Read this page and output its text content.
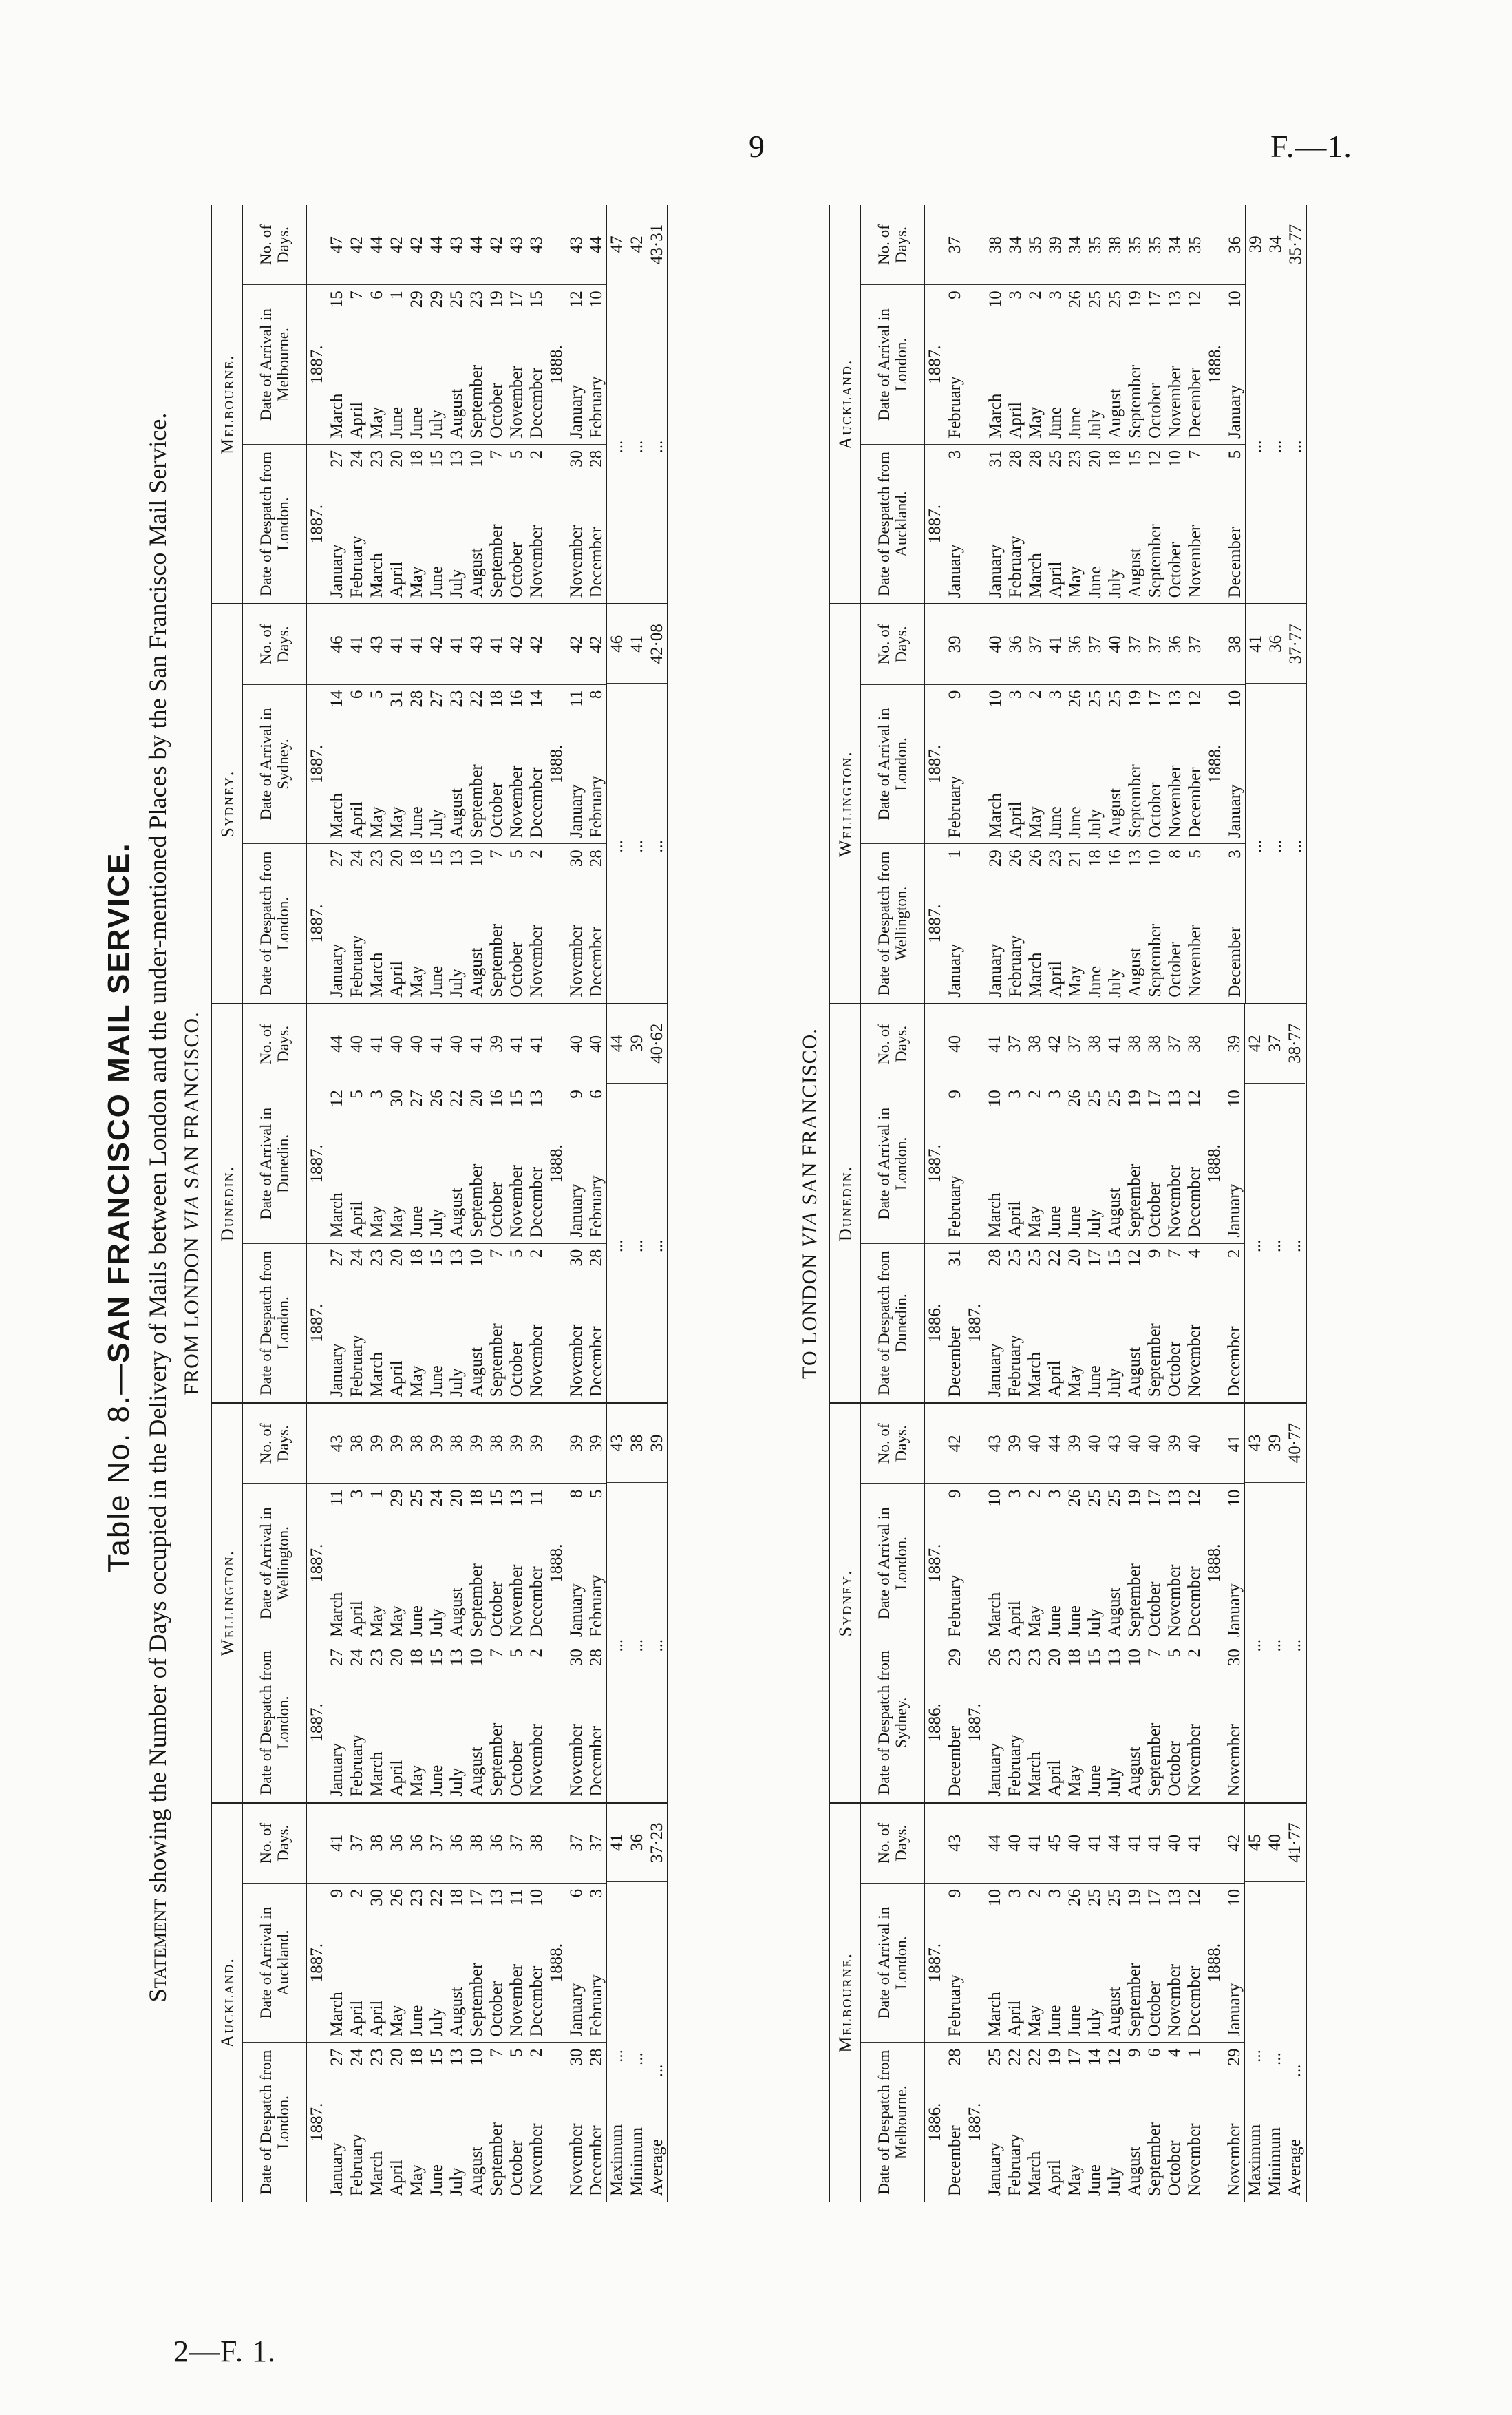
9	F.—1.
2—F. 1.
Table No. 8.—SAN FRANCISCO MAIL SERVICE.
Statement showing the Number of Days occupied in the Delivery of Mails between London and the under-mentioned Places by the San Francisco Mail Service. FROM LONDON VIA SAN FRANCISCO.
Auckland.
Date of Despatch from London.
Date of Arrival in Auckland.
No. of Days.
1887.
1887.
January
27
March
9
41
February
24
April
2
37
March
23
April
30
38
April
20
May
26
36
May
18
June
23
36
June
15
July
22
37
July
13
August
18
36
August
10
September
17
38
September
7
October
13
36
October
5
November
11
37
November
2
December
10
38
1888.
November
30
January
6
37
December
28
February
3
37
Maximum...
41
Minimum...
36
Average...
37·23
Wellington.
Date of Despatch from London.
Date of Arrival in Wellington.
No. of Days.
1887.
1887.
January
27
March
11
43
February
24
April
3
38
March
23
May
1
39
April
20
May
29
39
May
18
June
25
38
June
15
July
24
39
July
13
August
20
38
August
10
September
18
39
September
7
October
15
38
October
5
November
13
39
November
2
December
11
39
1888.
November
30
January
8
39
December
28
February
5
39
...
43
...
38
...
39
Dunedin.
Date of Despatch from London.
Date of Arrival in Dunedin.
No. of Days.
1887.
1887.
January
27
March
12
44
February
24
April
5
40
March
23
May
3
41
April
20
May
30
40
May
18
June
27
40
June
15
July
26
41
July
13
August
22
40
August
10
September
20
41
September
7
October
16
39
October
5
November
15
41
November
2
December
13
41
1888.
November
30
January
9
40
December
28
February
6
40
...
44
...
39
...
40·62
Sydney.
Date of Despatch from London.
Date of Arrival in Sydney.
No. of Days.
1887.
1887.
January
27
March
14
46
February
24
April
6
41
March
23
May
5
43
April
20
May
31
41
May
18
June
28
41
June
15
July
27
42
July
13
August
23
41
August
10
September
22
43
September
7
October
18
41
October
5
November
16
42
November
2
December
14
42
1888.
November
30
January
11
42
December
28
February
8
42
...
46
...
41
...
42·08
Melbourne.
Date of Despatch from London.
Date of Arrival in Melbourne.
No. of Days.
1887.
1887.
January
27
March
15
47
February
24
April
7
42
March
23
May
6
44
April
20
June
1
42
May
18
June
29
42
June
15
July
29
44
July
13
August
25
43
August
10
September
23
44
September
7
October
19
42
October
5
November
17
43
November
2
December
15
43
1888.
November
30
January
12
43
December
28
February
10
44
...
47
...
42
...
43·31
TO LONDON VIA SAN FRANCISCO.
Melbourne.
Date of Despatch from Melbourne.
Date of Arrival in London.
No. of Days.
1886.
1887.
December
28
February
9
43
1887.
January
25
March
10
44
February
22
April
3
40
March
22
May
2
41
April
19
June
3
45
May
17
June
26
40
June
14
July
25
41
July
12
August
25
44
August
9
September
19
41
September
6
October
17
41
October
4
November
13
40
November
1
December
12
41
1888.
November
29
January
10
42
Maximum...
45
Minimum...
40
Average...
41·77
Sydney.
Date of Despatch from Sydney.
Date of Arrival in London.
No. of Days.
1886.
1887.
December
29
February
9
42
1887.
January
26
March
10
43
February
23
April
3
39
March
23
May
2
40
April
20
June
3
44
May
18
June
26
39
June
15
July
25
40
July
13
August
25
43
August
10
September
19
40
September
7
October
17
40
October
5
November
13
39
November
2
December
12
40
1888.
November
30
January
10
41
...
43
...
39
...
40·77
Dunedin.
Date of Despatch from Dunedin.
Date of Arrival in London.
No. of Days.
1886.
1887.
December
31
February
9
40
1887.
January
28
March
10
41
February
25
April
3
37
March
25
May
2
38
April
22
June
3
42
May
20
June
26
37
June
17
July
25
38
July
15
August
25
41
August
12
September
19
38
September
9
October
17
38
October
7
November
13
37
November
4
December
12
38
1888.
December
2
January
10
39
...
42
...
37
...
38·77
Wellington.
Date of Despatch from Wellington.
Date of Arrival in London.
No. of Days.
1887.
1887.
January
1
February
9
39
January
29
March
10
40
February
26
April
3
36
March
26
May
2
37
April
23
June
3
41
May
21
June
26
36
June
18
July
25
37
July
16
August
25
40
August
13
September
19
37
September
10
October
17
37
October
8
November
13
36
November
5
December
12
37
1888.
December
3
January
10
38
...
41
...
36
...
37·77
Auckland.
Date of Despatch from Auckland.
Date of Arrival in London.
No. of Days.
1887.
1887.
January
3
February
9
37
January
31
March
10
38
February
28
April
3
34
March
28
May
2
35
April
25
June
3
39
May
23
June
26
34
June
20
July
25
35
July
18
August
25
38
August
15
September
19
35
September
12
October
17
35
October
10
November
13
34
November
7
December
12
35
1888.
December
5
January
10
36
...
39
...
34
...
35·77
